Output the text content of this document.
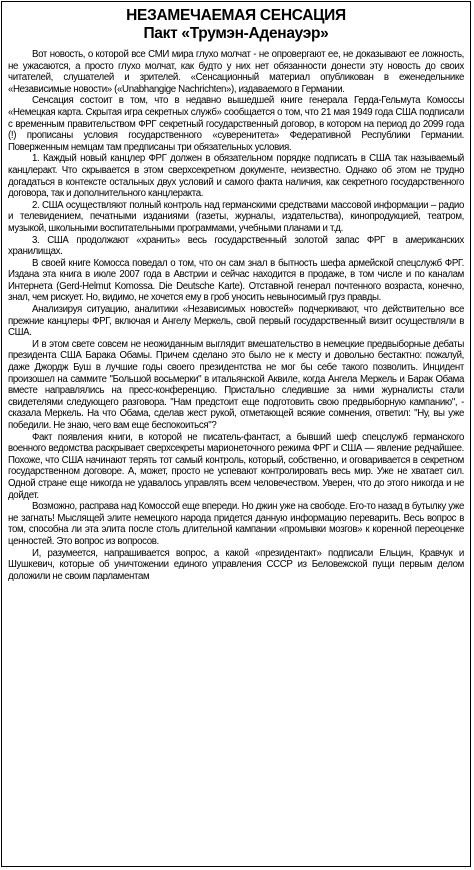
НЕЗАМЕЧАЕМАЯ СЕНСАЦИЯ
Пакт «Трумэн-Аденауэр»

Вот новость, о которой все СМИ мира глухо молчат - не опровергают ее, не доказывают ее ложность, не ужасаются, а просто глухо молчат, как будто у них нет обязанности донести эту новость до своих читателей, слушателей и зрителей. «Сенсационный материал опубликован в еженедельнике «Независимые новости» («Unabhangige Nachrichten»), издаваемого в Германии.

Сенсация состоит в том, что в недавно вышедшей книге генерала Герда-Гельмута Комоссы «Немецкая карта. Скрытая игра секретных служб» сообщается о том, что 21 мая 1949 года США подписали с временным правительством ФРГ секретный государственный договор, в котором на период до 2099 года (!) прописаны условия государственного «суверенитета» Федеративной Республики Германии. Поверженным немцам там предписаны три обязательных условия.

1. Каждый новый канцлер ФРГ должен в обязательном порядке подписать в США так называемый канцлеракт. Что скрывается в этом сверхсекретном документе, неизвестно. Однако об этом не трудно догадаться в контексте остальных двух условий и самого факта наличия, как секретного государственного договора, так и дополнительного канцлеракта.

2. США осуществляют полный контроль над германскими средствами массовой информации – радио и телевидением, печатными изданиями (газеты, журналы, издательства), кинопродукцией, театром, музыкой, школьными воспитательными программами, учебными планами и т.д.

3. США продолжают «хранить» весь государственный золотой запас ФРГ в американских хранилищах.

В своей книге Комосса поведал о том, что он сам знал в бытность шефа армейской спецслужб ФРГ. Издана эта книга в июле 2007 года в Австрии и сейчас находится в продаже, в том числе и по каналам Интернета (Gerd-Helmut Komossa. Die Deutsche Karte). Отставной генерал почтенного возраста, конечно, знал, чем рискует. Но, видимо, не хочется ему в гроб уносить невыносимый груз правды.

Анализируя ситуацию, аналитики «Независимых новостей» подчеркивают, что действительно все прежние канцлеры ФРГ, включая и Ангелу Меркель, свой первый государственный визит осуществляли в США.

И в этом свете совсем не неожиданным выглядит вмешательство в немецкие предвыборные дебаты президента США Барака Обамы. Причем сделано это было не к месту и довольно бестактно: пожалуй, даже Джордж Буш в лучшие годы своего президентства не мог бы себе такого позволить. Инцидент произошел на саммите "Большой восьмерки" в итальянской Аквиле, когда Ангела Меркель и Барак Обама вместе направлялись на пресс-конференцию. Пристально следившие за ними журналисты стали свидетелями следующего разговора. "Нам предстоит еще подготовить свою предвыборную кампанию", - сказала Меркель. На что Обама, сделав жест рукой, отметающей всякие сомнения, ответил: "Ну, вы уже победили. Не знаю, чего вам еще беспокоиться"?

Факт появления книги, в которой не писатель-фантаст, а бывший шеф спецслужб германского военного ведомства раскрывает сверхсекреты марионеточного режима ФРГ и США — явление редчайшее. Похоже, что США начинают терять тот самый контроль, который, собственно, и оговаривается в секретном государственном договоре. А, может, просто не успевают контролировать весь мир. Уже не хватает сил. Одной стране еще никогда не удавалось управлять всем человечеством. Уверен, что до этого никогда и не дойдет.

Возможно, расправа над Комоссой еще впереди. Но джин уже на свободе. Его-то назад в бутылку уже не загнать! Мыслящей элите немецкого народа придется данную информацию переварить. Весь вопрос в том, способна ли эта элита после столь длительной кампании «промывки мозгов» к коренной переоценке ценностей. Это вопрос из вопросов.

И, разумеется, напрашивается вопрос, а какой «президентакт» подписали Ельцин, Кравчук и Шушкевич, которые об уничтожении единого управления СССР из Беловежской пущи первым делом доложили не своим парламентам
